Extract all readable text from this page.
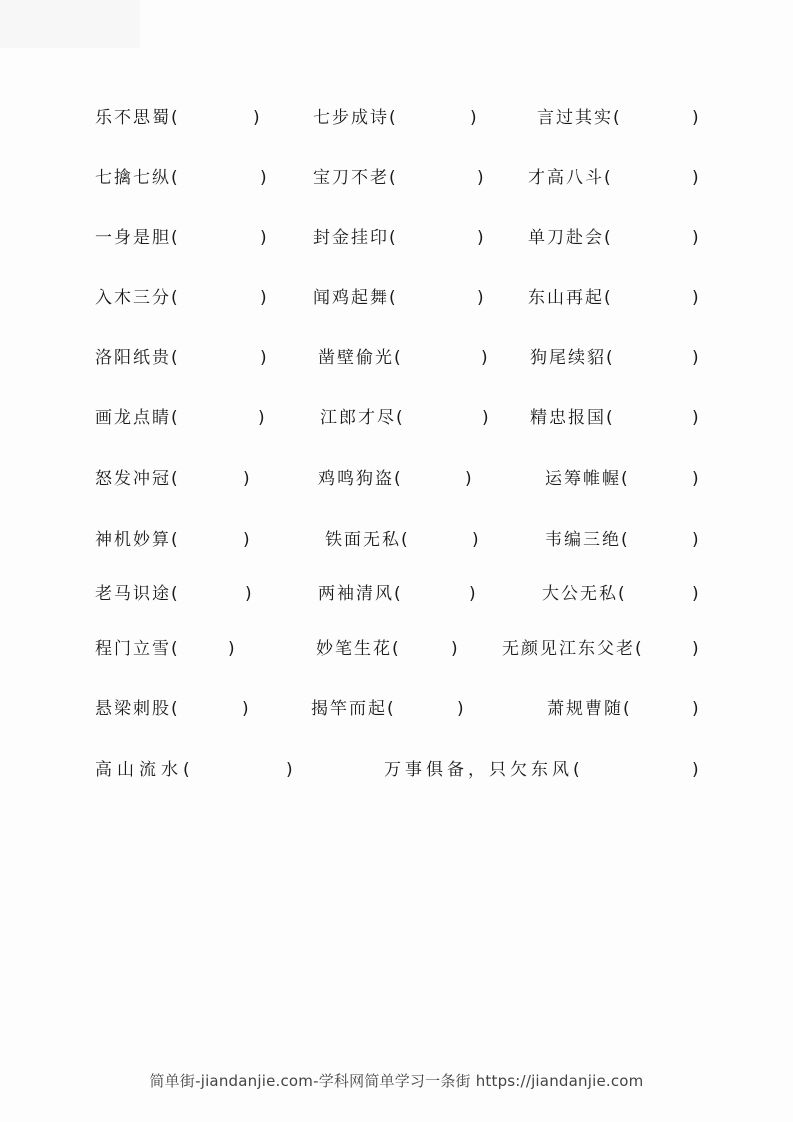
乐不思蜀(	)	七步成诗(	)	言过其实(	)
七擒七纵(	)	宝刀不老(	) 才高八斗(	)
一身是胆(	)	封金挂印(	) 单刀赴会(	)
入木三分(	)	闻鸡起舞(	) 东山再起(	)
洛阳纸贵(	)	凿壁偷光(	) 狗尾续貂(	)
画龙点睛(	)	江郎才尽(	) 精忠报国(	)
怒发冲冠(	)	鸡鸣狗盗(	)	运筹帷幄(	)
神机妙算(	)	铁面无私(	)	韦编三绝(	)
老马识途(	)	两袖清风(	)	大公无私(	)
程门立雪(	)	妙笔生花(	) 无颜见江东父老(	)
悬梁刺股(	)	揭竿而起(	)	萧规曹随(	)
高山流水(	)	万事俱备，只欠东风(	)
简单街-jiandanjie.com-学科网简单学习一条街 https://jiandanjie.com
